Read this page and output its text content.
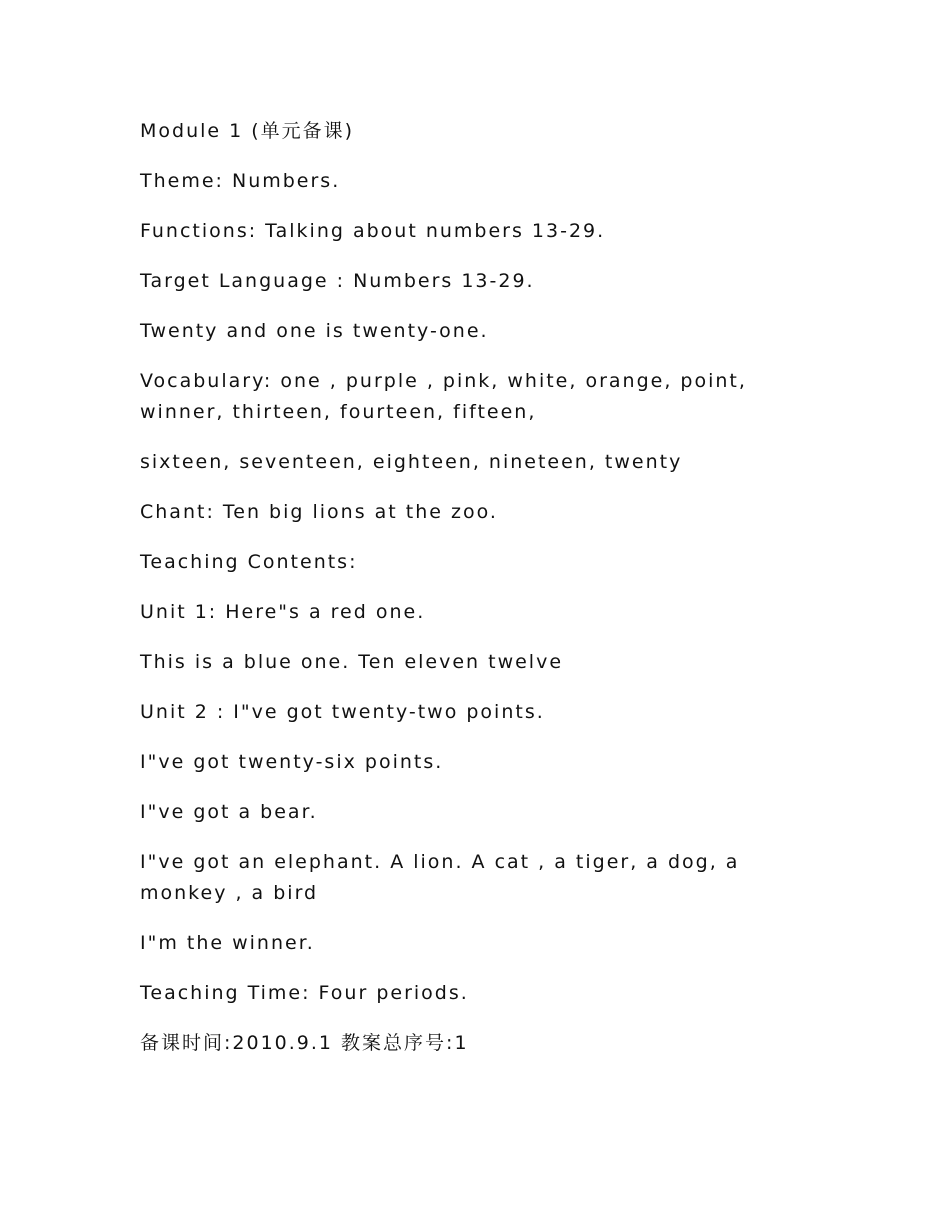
Module 1 (单元备课)

Theme: Numbers.

Functions: Talking about numbers 13-29.

Target Language : Numbers 13-29.

Twenty and one is twenty-one.

Vocabulary: one , purple , pink, white, orange, point, winner, thirteen, fourteen, fifteen,

sixteen, seventeen, eighteen, nineteen, twenty

Chant: Ten big lions at the zoo.

Teaching Contents:

Unit 1: Here"s a red one.

This is a blue one. Ten eleven twelve

Unit 2 : I"ve got twenty-two points.

I"ve got twenty-six points.

I"ve got a bear.

I"ve got an elephant. A lion. A cat , a tiger, a dog, a monkey , a bird

I"m the winner.

Teaching Time: Four periods.

备课时间:2010.9.1 教案总序号:1
